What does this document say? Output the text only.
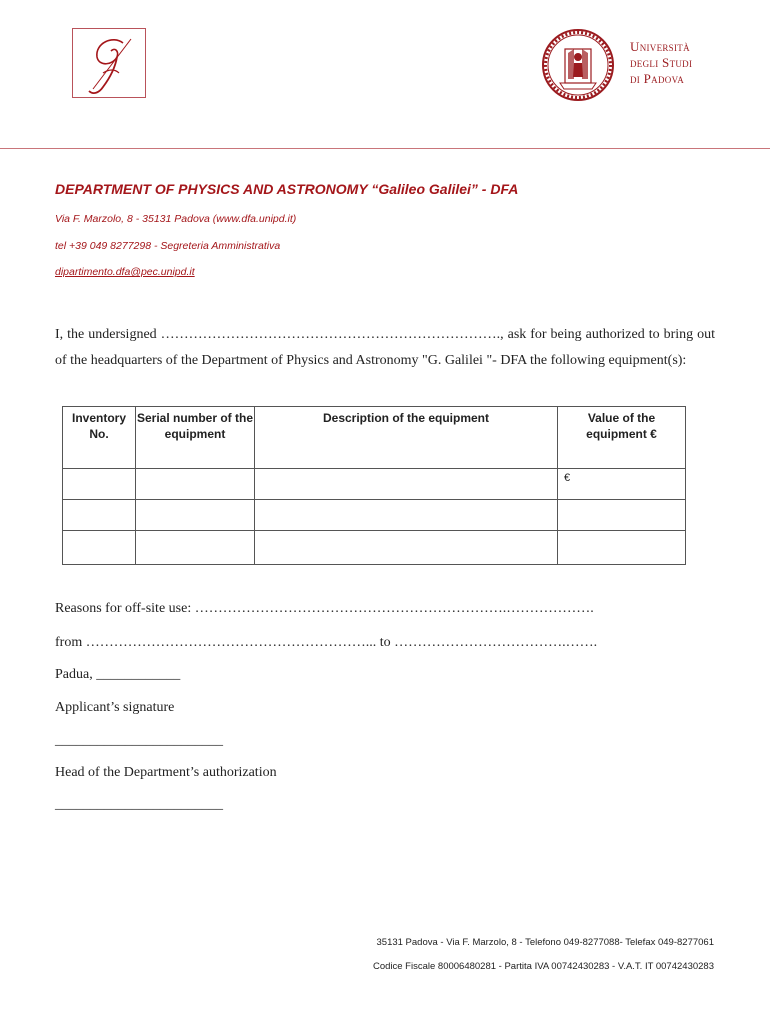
Università
degli Studi
di Padova
DEPARTMENT OF PHYSICS AND ASTRONOMY “Galileo Galilei” - DFA
Via F. Marzolo, 8 - 35131 Padova (www.dfa.unipd.it)
tel +39 049 8277298 - Segreteria Amministrativa
dipartimento.dfa@pec.unipd.it
I, the undersigned ………………………………………………………………., ask for being authorized to bring out of the headquarters of the Department of Physics and Astronomy "G. Galilei "- DFA the following equipment(s):
Inventory No.	Serial number of the equipment	Description of the equipment	Value of the equipment €
			€

Reasons for off-site use: ………………………………………………………….……………….
from ……………………………………………………... to ……………………………….…….
Padua, ____________
Applicant’s signature
________________________
Head of the Department’s authorization
________________________
35131 Padova - Via F. Marzolo, 8 - Telefono 049-8277088- Telefax 049-8277061
Codice Fiscale 80006480281 - Partita IVA 00742430283 - V.A.T. IT 00742430283
